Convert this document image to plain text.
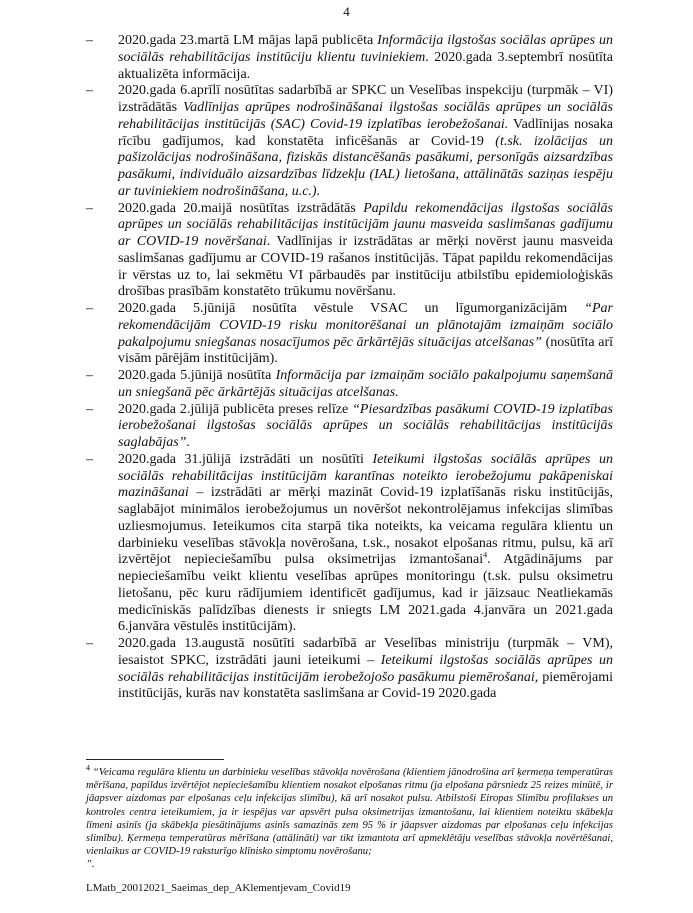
4
– 2020.gada 23.martā LM mājas lapā publicēta Informācija ilgstošas sociālas aprūpes un sociālās rehabilitācijas institūciju klientu tuviniekiem. 2020.gada 3.septembrī nosūtīta aktualizēta informācija.
– 2020.gada 6.aprīlī nosūtītas sadarbībā ar SPKC un Veselības inspekciju (turpmāk – VI) izstrādātās Vadlīnijas aprūpes nodrošināšanai ilgstošas sociālās aprūpes un sociālās rehabilitācijas institūcijās (SAC) Covid-19 izplatības ierobežošanai. Vadlīnijas nosaka rīcību gadījumos, kad konstatēta inficēšanās ar Covid-19 (t.sk. izolācijas un pašizolācijas nodrošināšana, fiziskās distancēšanās pasākumi, personīgās aizsardzības pasākumi, individuālo aizsardzības līdzekļu (IAL) lietošana, attālinātās saziņas iespēju ar tuviniekiem nodrošināšana, u.c.).
– 2020.gada 20.maijā nosūtītas izstrādātās Papildu rekomendācijas ilgstošas sociālās aprūpes un sociālās rehabilitācijas institūcijām jaunu masveida saslimšanas gadījumu ar COVID-19 novēršanai. Vadlīnijas ir izstrādātas ar mērķi novērst jaunu masveida saslimšanas gadījumu ar COVID-19 rašanos institūcijās. Tāpat papildu rekomendācijas ir vērstas uz to, lai sekmētu VI pārbaudēs par institūciju atbilstību epidemioloģiskās drošības prasībām konstatēto trūkumu novēršanu.
– 2020.gada 5.jūnijā nosūtīta vēstule VSAC un līgumorganizācijām “Par rekomendācijām COVID-19 risku monitorēšanai un plānotajām izmaiņām sociālo pakalpojumu sniegšanas nosacījumos pēc ārkārtējās situācijas atcelšanas” (nosūtīta arī visām pārējām institūcijām).
– 2020.gada 5.jūnijā nosūtīta Informācija par izmaiņām sociālo pakalpojumu saņemšanā un sniegšanā pēc ārkārtējās situācijas atcelšanas.
– 2020.gada 2.jūlijā publicēta preses relīze “Piesardzības pasākumi COVID-19 izplatības ierobežošanai ilgstošas sociālās aprūpes un sociālās rehabilitācijas institūcijās saglabājas”.
– 2020.gada 31.jūlijā izstrādāti un nosūtīti Ieteikumi ilgstošas sociālās aprūpes un sociālās rehabilitācijas institūcijām karantīnas noteikto ierobežojumu pakāpeniskai mazināšanai – izstrādāti ar mērķi mazināt Covid-19 izplatīšanās risku institūcijās, saglabājot minimālos ierobežojumus un novēršot nekontrolējamus infekcijas slimības uzliesmojumus. Ieteikumos cita starpā tika noteikts, ka veicama regulāra klientu un darbinieku veselības stāvokļa novērošana, t.sk., nosakot elpošanas ritmu, pulsu, kā arī izvērtējot nepieciešamību pulsa oksimetrijas izmantošanai$^4$. Atgādinājums par nepieciešamību veikt klientu veselības aprūpes monitoringu (t.sk. pulsu oksimetru lietošanu, pēc kuru rādījumiem identificēt gadījumus, kad ir jāizsauc Neatliekamās medicīniskās palīdzības dienests ir sniegts LM 2021.gada 4.janvāra un 2021.gada 6.janvāra vēstulēs institūcijām).
– 2020.gada 13.augustā nosūtīti sadarbībā ar Veselības ministriju (turpmāk – VM), iesaistot SPKC, izstrādāti jauni ieteikumi – Ieteikumi ilgstošas sociālās aprūpes un sociālās rehabilitācijas institūcijām ierobežojošo pasākumu piemērošanai, piemērojami institūcijās, kurās nav konstatēta saslimšana ar Covid-19 2020.gada
$^4$ “Veicama regulāra klientu un darbinieku veselības stāvokļa novērošana (klientiem jānodrošina arī ķermeņa temperatūras mērīšana, papildus izvērtējot nepieciešamību klientiem nosakot elpošanas ritmu (ja elpošana pārsniedz 25 reizes minūtē, ir jāapsver aizdomas par elpošanas ceļu infekcijas slimību), kā arī nosakot pulsu. Atbilstoši Eiropas Slimību profilakses un kontroles centra ieteikumiem, ja ir iespējas var apsvērt pulsa oksimetrijas izmantošanu, lai klientiem noteiktu skābekļa līmeni asinīs (ja skābekļa piesātinājums asinīs samazinās zem 95 % ir jāapsver aizdomas par elpošanas ceļu infekcijas slimību). Ķermeņa temperatūras mērīšana (attālināti) var tikt izmantota arī apmeklētāju veselības stāvokļa novērtēšanai, vienlaikus ar COVID-19 raksturīgo klīnisko simptomu novērošanu;
”.
LMatb_20012021_Saeimas_dep_AKlementjevam_Covid19
